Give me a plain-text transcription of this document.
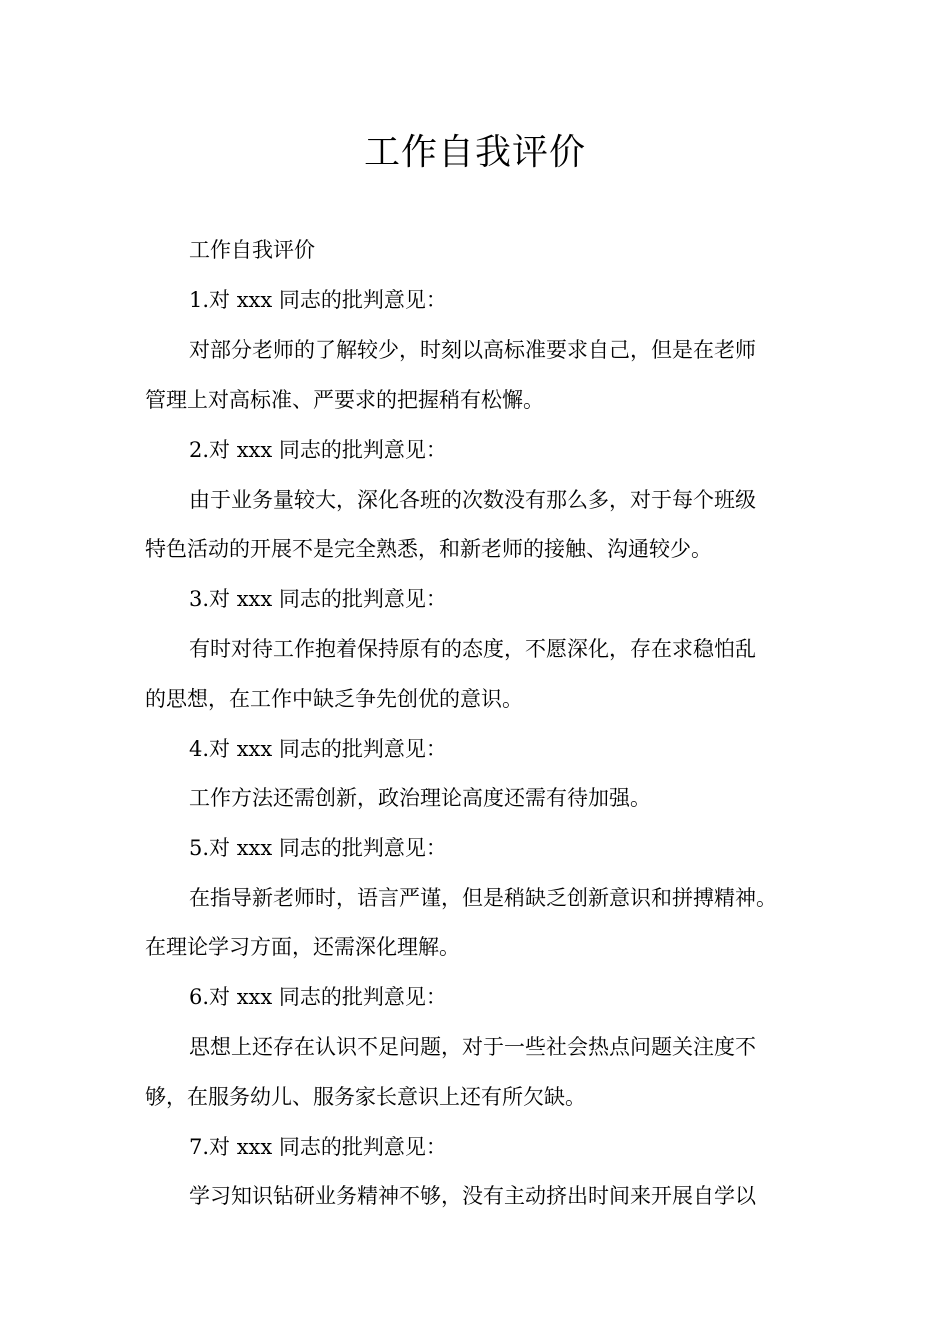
工作自我评价
工作自我评价
1.对 xxx 同志的批判意见：
对部分老师的了解较少，时刻以高标准要求自己，但是在老师
管理上对高标准、严要求的把握稍有松懈。
2.对 xxx 同志的批判意见：
由于业务量较大，深化各班的次数没有那么多，对于每个班级
特色活动的开展不是完全熟悉，和新老师的接触、沟通较少。
3.对 xxx 同志的批判意见：
有时对待工作抱着保持原有的态度，不愿深化，存在求稳怕乱
的思想，在工作中缺乏争先创优的意识。
4.对 xxx 同志的批判意见：
工作方法还需创新，政治理论高度还需有待加强。
5.对 xxx 同志的批判意见：
在指导新老师时，语言严谨，但是稍缺乏创新意识和拼搏精神。
在理论学习方面，还需深化理解。
6.对 xxx 同志的批判意见：
思想上还存在认识不足问题，对于一些社会热点问题关注度不
够，在服务幼儿、服务家长意识上还有所欠缺。
7.对 xxx 同志的批判意见：
学习知识钻研业务精神不够，没有主动挤出时间来开展自学以
